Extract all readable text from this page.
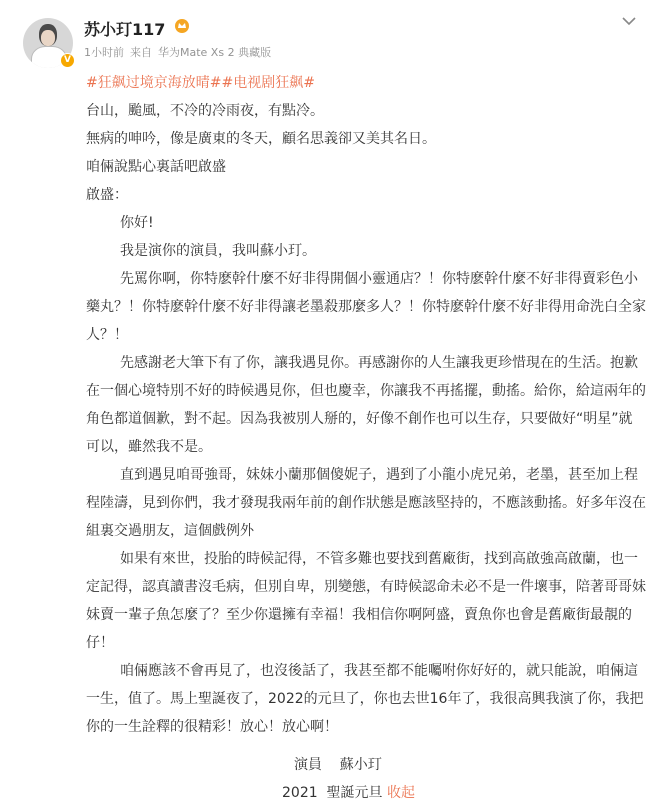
V
苏小玎117
1小时前 来自 华为Mate Xs 2 典藏版

#狂飙过境京海放晴##电视剧狂飙#

台山，颱風，不冷的冷雨夜，有點冷。

無病的呻吟，像是廣東的冬天，顧名思義卻又美其名日。

咱倆說點心裏話吧啟盛

啟盛：

你好!

我是演你的演員，我叫蘇小玎。

先罵你啊，你特麽幹什麼不好非得開個小靈通店？！你特麽幹什麼不好非得賣彩色小藥丸？！你特麽幹什麼不好非得讓老墨殺那麼多人？！你特麽幹什麼不好非得用命洗白全家人？！

先感謝老大筆下有了你，讓我遇見你。再感謝你的人生讓我更珍惜現在的生活。抱歉在一個心境特別不好的時候遇見你，但也慶幸，你讓我不再搖擺，動搖。給你，給這兩年的角色都道個歉，對不起。因為我被別人掰的，好像不創作也可以生存，只要做好“明星”就可以，雖然我不是。

直到遇見咱哥強哥，妹妹小蘭那個傻妮子，遇到了小龍小虎兄弟，老墨，甚至加上程程陸濤，見到你們，我才發現我兩年前的創作狀態是應該堅持的，不應該動搖。好多年沒在組裏交過朋友，這個戲例外

如果有來世，投胎的時候記得，不管多難也要找到舊廠街，找到高啟強高啟蘭，也一定記得，認真讀書沒毛病，但別自卑，別變態，有時候認命未必不是一件壞事，陪著哥哥妹妹賣一輩子魚怎麼了？至少你還擁有幸福！我相信你啊阿盛，賣魚你也會是舊廠街最靚的仔！

咱倆應該不會再見了，也沒後話了，我甚至都不能囑咐你好好的，就只能說，咱倆這一生，值了。馬上聖誕夜了，2022的元旦了，你也去世16年了，我很高興我演了你，我把你的一生詮釋的很精彩！放心！放心啊！

演員    蘇小玎

2021  聖誕元旦 收起
